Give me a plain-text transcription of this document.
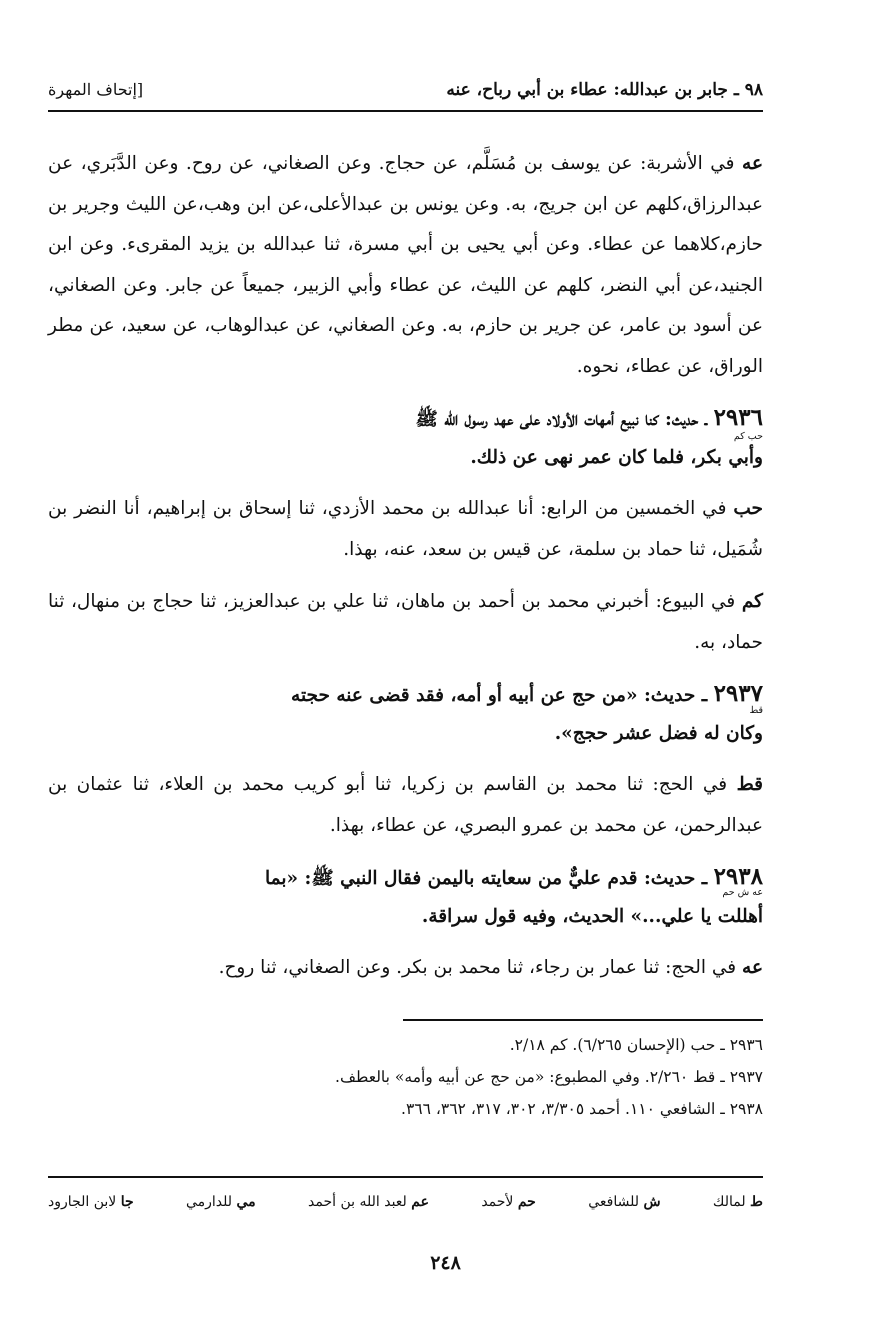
٩٨ ـ جابر بن عبدالله: عطاء بن أبي رباح، عنه
[إتحاف المهرة

عه في الأشربة: عن يوسف بن مُسَلَّم، عن حجاج. وعن الصغاني، عن روح. وعن الدَّبَري، عن عبدالرزاق،كلهم عن ابن جريج، به. وعن يونس بن عبدالأعلى،عن ابن وهب،عن الليث وجرير بن حازم،كلاهما عن عطاء. وعن أبي يحيى بن أبي مسرة، ثنا عبدالله بن يزيد المقرىء. وعن ابن الجنيد،عن أبي النضر، كلهم عن الليث، عن عطاء وأبي الزبير، جميعاً عن جابر. وعن الصغاني، عن أسود بن عامر، عن جرير بن حازم، به. وعن الصغاني، عن عبدالوهاب، عن سعيد، عن مطر الوراق، عن عطاء، نحوه.

٢٩٣٦ ـ حديث: كنا نبيع أمهات الأولاد على عهد رسول الله ﷺ
حب كم
وأبي بكر، فلما كان عمر نهى عن ذلك.

حب في الخمسين من الرابع: أنا عبدالله بن محمد الأزدي، ثنا إسحاق بن إبراهيم، أنا النضر بن شُمَيل، ثنا حماد بن سلمة، عن قيس بن سعد، عنه، بهذا.

كم في البيوع: أخبرني محمد بن أحمد بن ماهان، ثنا علي بن عبدالعزيز، ثنا حجاج بن منهال، ثنا حماد، به.

٢٩٣٧ ـ حديث: «من حج عن أبيه أو أمه، فقد قضى عنه حجته
قط
وكان له فضل عشر حجج».

قط في الحج: ثنا محمد بن القاسم بن زكريا، ثنا أبو كريب محمد بن العلاء، ثنا عثمان بن عبدالرحمن، عن محمد بن عمرو البصري، عن عطاء، بهذا.

٢٩٣٨ ـ حديث: قدم عليٌّ من سعايته باليمن فقال النبي ﷺ: «بما
عه ش حم
أهللت يا علي...» الحديث، وفيه قول سراقة.

عه في الحج: ثنا عمار بن رجاء، ثنا محمد بن بكر. وعن الصغاني، ثنا روح.

٢٩٣٦ ـ حب (الإحسان ٦/٢٦٥). كم ٢/١٨.
٢٩٣٧ ـ قط ٢/٢٦٠. وفي المطبوع: «من حج عن أبيه وأمه» بالعطف.
٢٩٣٨ ـ الشافعي ١١٠. أحمد ٣/٣٠٥، ٣٠٢، ٣١٧، ٣٦٢، ٣٦٦.
ط لمالك
ش للشافعي
حم لأحمد
عم لعبد الله بن أحمد
مي للدارمي
جا لابن الجارود
٢٤٨
